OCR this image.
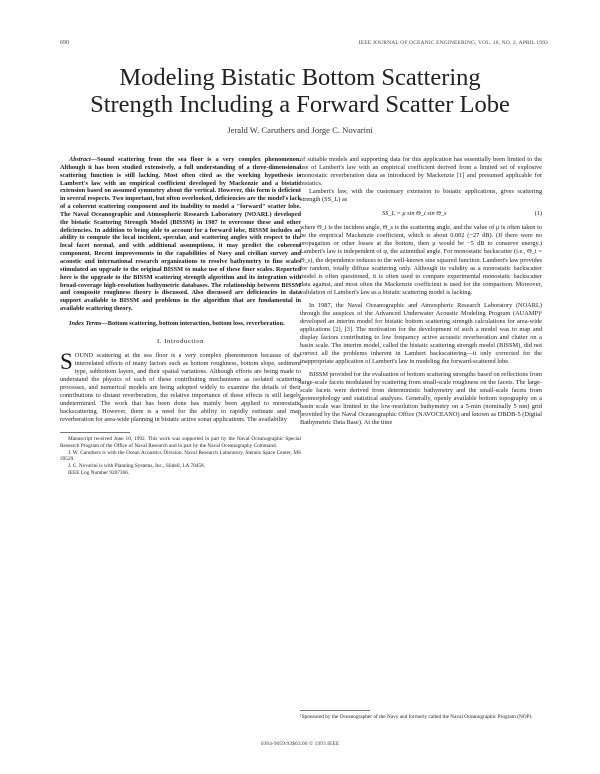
690	IEEE JOURNAL OF OCEANIC ENGINEERING, VOL. 18, NO. 2, APRIL 1993
Modeling Bistatic Bottom Scattering
Strength Including a Forward Scatter Lobe
Jerald W. Caruthers and Jorge C. Novarini

Abstract—Sound scattering from the sea floor is a very complex phenomenon. Although it has been studied extensively, a full understanding of a three-dimensional scattering function is still lacking. Most often cited as the working hypothesis is Lambert's law with an empirical coefficient developed by Mackenzie and a bistatic extension based on assumed symmetry about the vertical. However, this form is deficient in several respects. Two important, but often overlooked, deficiencies are the model's lack of a coherent scattering component and its inability to model a "forward" scatter lobe. The Naval Oceanographic and Atmospheric Research Laboratory (NOARL) developed the bistatic Scattering Strength Model (BISSM) in 1987 to overcome these and other deficiencies. In addition to being able to account for a forward lobe, BISSM includes an ability to compute the local incident, specular, and scattering angles with respect to the local facet normal, and with additional assumptions, it may predict the coherent component. Recent improvements in the capabilities of Navy and civilian survey and acoustic and international research organizations to resolve bathymetry to fine scales stimulated an upgrade to the original BISSM to make use of these finer scales. Reported here is the upgrade to the BISSM scattering strength algorithm and its integration with broad-coverage high-resolution bathymetric databases. The relationship between BISSM and composite roughness theory is discussed. Also discussed are deficiencies in data support available to BISSM and problems in the algorithm that are fundamental in available scattering theory.

Index Terms—Bottom scattering, bottom interaction, bottom loss, reverberation.

I. Introduction

SOUND scattering at the sea floor is a very complex phenomenon because of the interrelated effects of many factors such as bottom roughness, bottom slope, sediment type, subbottom layers, and their spatial variations. Although efforts are being made to understand the physics of each of these contributing mechanisms as isolated scattering processes, and numerical models are being adopted widely to examine the details of their contributions to distant reverberation, the relative importance of these effects is still largely undetermined. The work that has been done has mainly been applied to monostatic backscattering. However, there is a need for the ability to rapidly estimate and map reverberation for area-wide planning in bistatic active sonar applications. The availability

Manuscript received June 10, 1992. This work was supported in part by the Naval Oceanographic Special Research Program of the Office of Naval Research and in part by the Naval Oceanography Command.

J. W. Caruthers is with the Ocean Acoustics Division, Naval Research Laboratory, Stennis Space Center, MS 39529.

J. C. Novarini is with Planning Systems, Inc., Slidell, LA 70458.

IEEE Log Number 9207366.

of suitable models and supporting data for this application has essentially been limited to the use of Lambert's law with an empirical coefficient derived from a limited set of explosive monostatic reverberation data as introduced by Mackenzie [1] and presumed applicable for bistatics.

Lambert's law, with the customary extension to bistatic applications, gives scattering strength (SS_L) as

SS_L = μ sin Θ_i sin Θ_s	(1)

where Θ_i is the incident angle, Θ_s is the scattering angle, and the value of μ is often taken to be the empirical Mackenzie coefficient, which is about 0.002 (−27 dB). (If there were no propagation or other losses at the bottom, then μ would be −5 dB to conserve energy.) Lambert's law is independent of φ, the azimuthal angle. For monostatic backscatter (i.e., Θ_i = Θ_s), the dependence reduces to the well-known sine squared function. Lambert's law provides for random, totally diffuse scattering only. Although its validity as a monostatic backscatter model is often questioned, it is often used to compare experimental monostatic backscatter data against, and most often the Mackenzie coefficient is used for the comparison. Moreover, validation of Lambert's law as a bistatic scattering model is lacking.

In 1987, the Naval Oceanographic and Atmospheric Research Laboratory (NOARL) through the auspices of the Advanced Underwater Acoustic Modeling Program (AUAMP)¹ developed an interim model for bistatic bottom scattering strength calculations for area-wide applications [2], [3]. The motivation for the development of such a model was to map and display factors contributing to low frequency active acoustic reverberation and clutter on a basin scale. The interim model, called the bistatic scattering strength model (BISSM), did not correct all the problems inherent in Lambert backscattering—it only corrected for the inappropriate application of Lambert's law in modeling the forward-scattered lobe.

BISSM provided for the evaluation of bottom scattering strengths based on reflections from large-scale facets modulated by scattering from small-scale roughness on the facets. The large-scale facets were derived from deterministic bathymetry and the small-scale facets from geomorphology and statistical analyses. Generally, openly available bottom topography on a basin scale was limited to the low-resolution bathymetry on a 5-min (nominally 5 nm) grid provided by the Naval Oceanographic Office (NAVOCEANO) and known as DBDB-5 (Digital Bathymetric Data Base). At the time

¹Sponsored by the Oceanographer of the Navy and formerly called the Naval Oceanographic Program (NOP).
0364-9059/93$03.00 © 1993 IEEE
